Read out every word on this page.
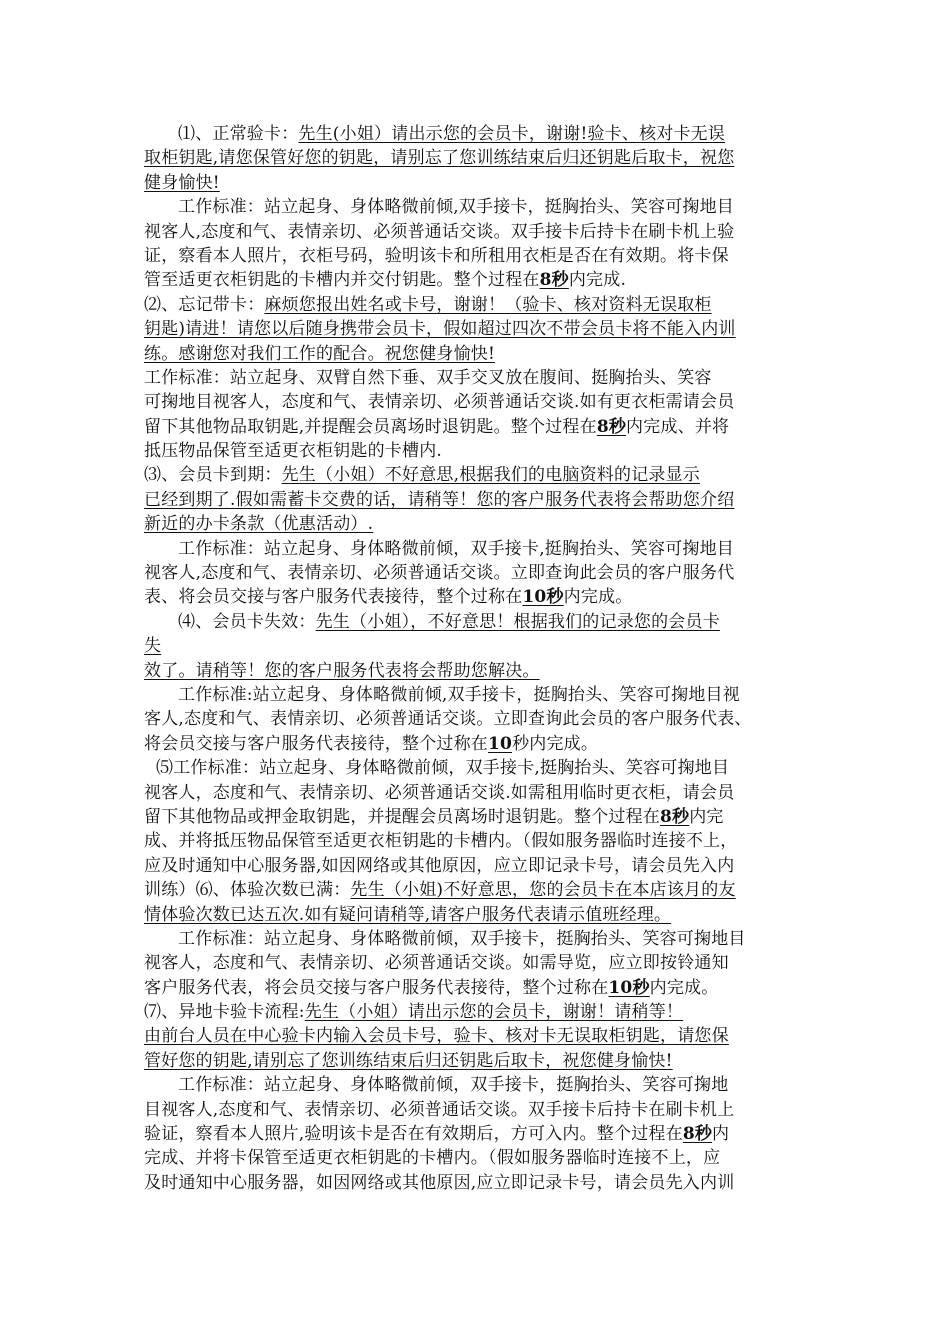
⑴、正常验卡：先生(小姐）请出示您的会员卡，谢谢!验卡、核对卡无误
取柜钥匙,请您保管好您的钥匙，请别忘了您训练结束后归还钥匙后取卡，祝您
健身愉快!
工作标准：站立起身、身体略微前倾,双手接卡，挺胸抬头、笑容可掬地目
视客人,态度和气、表情亲切、必须普通话交谈。双手接卡后持卡在刷卡机上验
证，察看本人照片，衣柜号码，验明该卡和所租用衣柜是否在有效期。将卡保
管至适更衣柜钥匙的卡槽内并交付钥匙。整个过程在8秒内完成.
⑵、忘记带卡：麻烦您报出姓名或卡号，谢谢！（验卡、核对资料无误取柜
钥匙)请进！请您以后随身携带会员卡，假如超过四次不带会员卡将不能入内训
练。感谢您对我们工作的配合。祝您健身愉快!
工作标准：站立起身、双臂自然下垂、双手交叉放在腹间、挺胸抬头、笑容
可掬地目视客人，态度和气、表情亲切、必须普通话交谈.如有更衣柜需请会员
留下其他物品取钥匙,并提醒会员离场时退钥匙。整个过程在8秒内完成、并将
抵压物品保管至适更衣柜钥匙的卡槽内.
⑶、会员卡到期：先生（小姐）不好意思,根据我们的电脑资料的记录显示
已经到期了.假如需蓄卡交费的话，请稍等！您的客户服务代表将会帮助您介绍
新近的办卡条款（优惠活动）.
工作标准：站立起身、身体略微前倾，双手接卡,挺胸抬头、笑容可掬地目
视客人,态度和气、表情亲切、必须普通话交谈。立即查询此会员的客户服务代
表、将会员交接与客户服务代表接待，整个过称在10秒内完成。
⑷、会员卡失效：先生（小姐），不好意思！根据我们的记录您的会员卡
失
效了。请稍等！您的客户服务代表将会帮助您解决。
工作标准:站立起身、身体略微前倾,双手接卡，挺胸抬头、笑容可掬地目视
客人,态度和气、表情亲切、必须普通话交谈。立即查询此会员的客户服务代表、
将会员交接与客户服务代表接待，整个过称在10秒内完成。
⑸工作标准：站立起身、身体略微前倾，双手接卡,挺胸抬头、笑容可掬地目
视客人，态度和气、表情亲切、必须普通话交谈.如需租用临时更衣柜，请会员
留下其他物品或押金取钥匙，并提醒会员离场时退钥匙。整个过程在8秒内完
成、并将抵压物品保管至适更衣柜钥匙的卡槽内。（假如服务器临时连接不上，
应及时通知中心服务器,如因网络或其他原因，应立即记录卡号，请会员先入内
训练）⑹、体验次数已满：先生（小姐)不好意思，您的会员卡在本店该月的友
情体验次数已达五次.如有疑问请稍等,请客户服务代表请示值班经理。
工作标准：站立起身、身体略微前倾，双手接卡，挺胸抬头、笑容可掬地目
视客人，态度和气、表情亲切、必须普通话交谈。如需导览，应立即按铃通知
客户服务代表，将会员交接与客户服务代表接待，整个过称在10秒内完成。
⑺、异地卡验卡流程:先生（小姐）请出示您的会员卡，谢谢！请稍等！
由前台人员在中心验卡内输入会员卡号，验卡、核对卡无误取柜钥匙，请您保
管好您的钥匙,请别忘了您训练结束后归还钥匙后取卡，祝您健身愉快!
工作标准：站立起身、身体略微前倾，双手接卡，挺胸抬头、笑容可掬地
目视客人,态度和气、表情亲切、必须普通话交谈。双手接卡后持卡在刷卡机上
验证，察看本人照片,验明该卡是否在有效期后，方可入内。整个过程在8秒内
完成、并将卡保管至适更衣柜钥匙的卡槽内。（假如服务器临时连接不上，应
及时通知中心服务器，如因网络或其他原因,应立即记录卡号，请会员先入内训
